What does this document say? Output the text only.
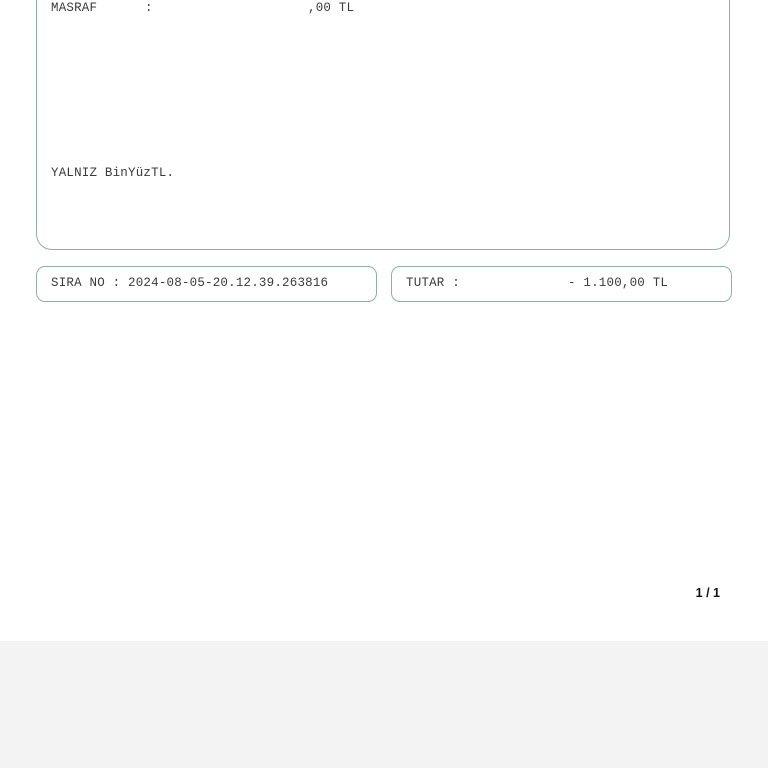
MASRAF	:	,00 TL
YALNIZ BinYüzTL.
SIRA NO : 2024-08-05-20.12.39.263816	TUTAR :	- 1.100,00 TL
1 / 1
